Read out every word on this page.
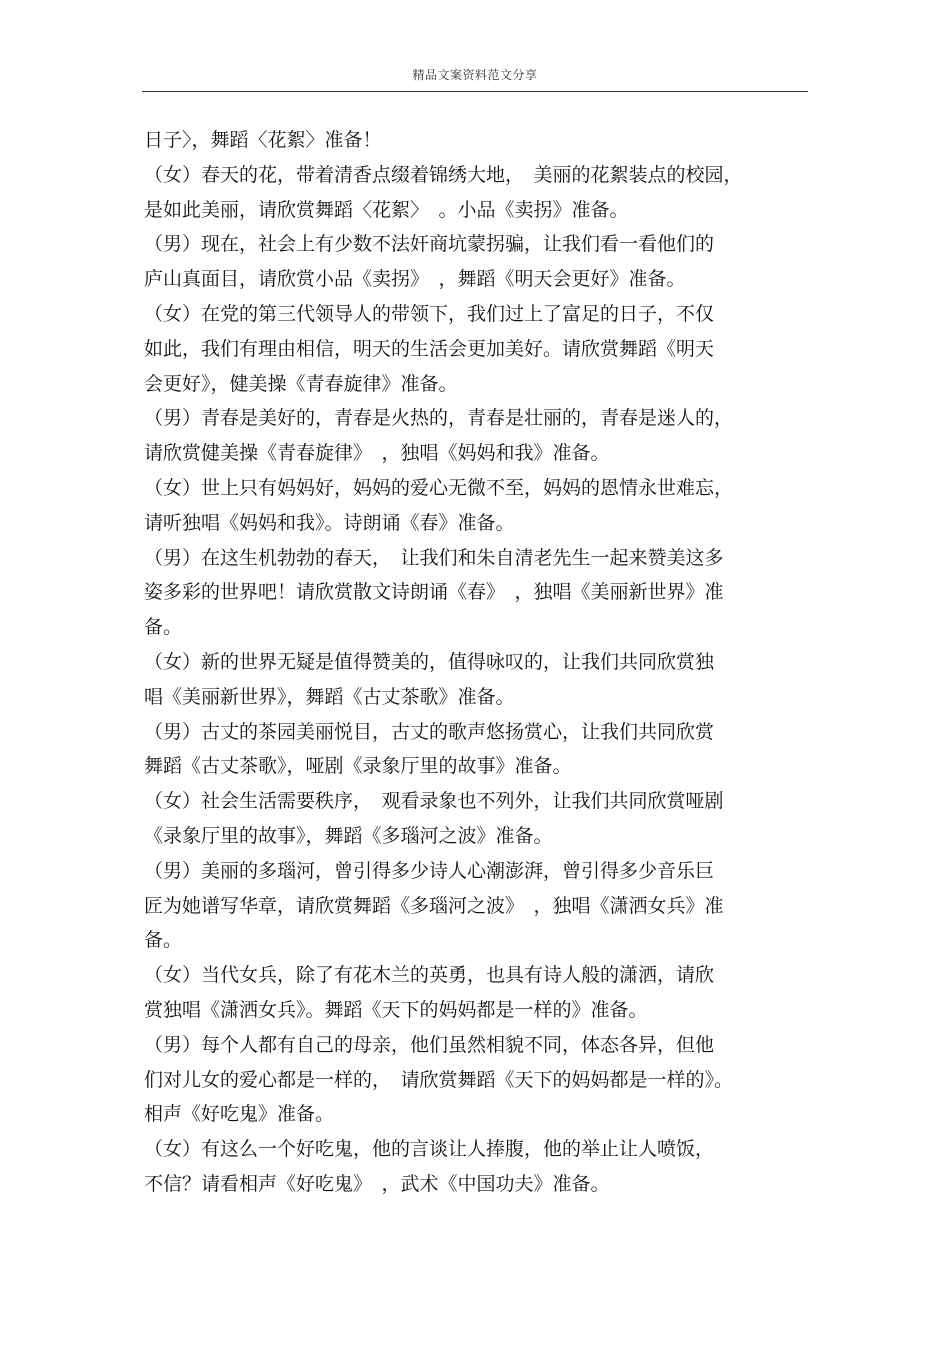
精品文案资料范文分享
日子〉，舞蹈〈花絮〉准备！
（女）春天的花，带着清香点缀着锦绣大地，　美丽的花絮装点的校园，
是如此美丽，请欣赏舞蹈〈花絮〉　。小品《卖拐》准备。
（男）现在，社会上有少数不法奸商坑蒙拐骗，让我们看一看他们的
庐山真面目，请欣赏小品《卖拐》　，舞蹈《明天会更好》准备。
（女）在党的第三代领导人的带领下，我们过上了富足的日子，不仅
如此，我们有理由相信，明天的生活会更加美好。请欣赏舞蹈《明天
会更好》，健美操《青春旋律》准备。
（男）青春是美好的，青春是火热的，青春是壮丽的，青春是迷人的，
请欣赏健美操《青春旋律》　，独唱《妈妈和我》准备。
（女）世上只有妈妈好，妈妈的爱心无微不至，妈妈的恩情永世难忘，
请听独唱《妈妈和我》。诗朗诵《春》准备。
（男）在这生机勃勃的春天，　让我们和朱自清老先生一起来赞美这多
姿多彩的世界吧！请欣赏散文诗朗诵《春》　，独唱《美丽新世界》准
备。
（女）新的世界无疑是值得赞美的，值得咏叹的，让我们共同欣赏独
唱《美丽新世界》，舞蹈《古丈茶歌》准备。
（男）古丈的茶园美丽悦目，古丈的歌声悠扬赏心，让我们共同欣赏
舞蹈《古丈茶歌》，哑剧《录象厅里的故事》准备。
（女）社会生活需要秩序，　观看录象也不列外，让我们共同欣赏哑剧
《录象厅里的故事》，舞蹈《多瑙河之波》准备。
（男）美丽的多瑙河，曾引得多少诗人心潮澎湃，曾引得多少音乐巨
匠为她谱写华章，请欣赏舞蹈《多瑙河之波》　，独唱《潇洒女兵》准
备。
（女）当代女兵，除了有花木兰的英勇，也具有诗人般的潇洒，请欣
赏独唱《潇洒女兵》。舞蹈《天下的妈妈都是一样的》准备。
（男）每个人都有自己的母亲，他们虽然相貌不同，体态各异，但他
们对儿女的爱心都是一样的，　请欣赏舞蹈《天下的妈妈都是一样的》。
相声《好吃鬼》准备。
（女）有这么一个好吃鬼，他的言谈让人捧腹，他的举止让人喷饭，
不信？请看相声《好吃鬼》　，武术《中国功夫》准备。
